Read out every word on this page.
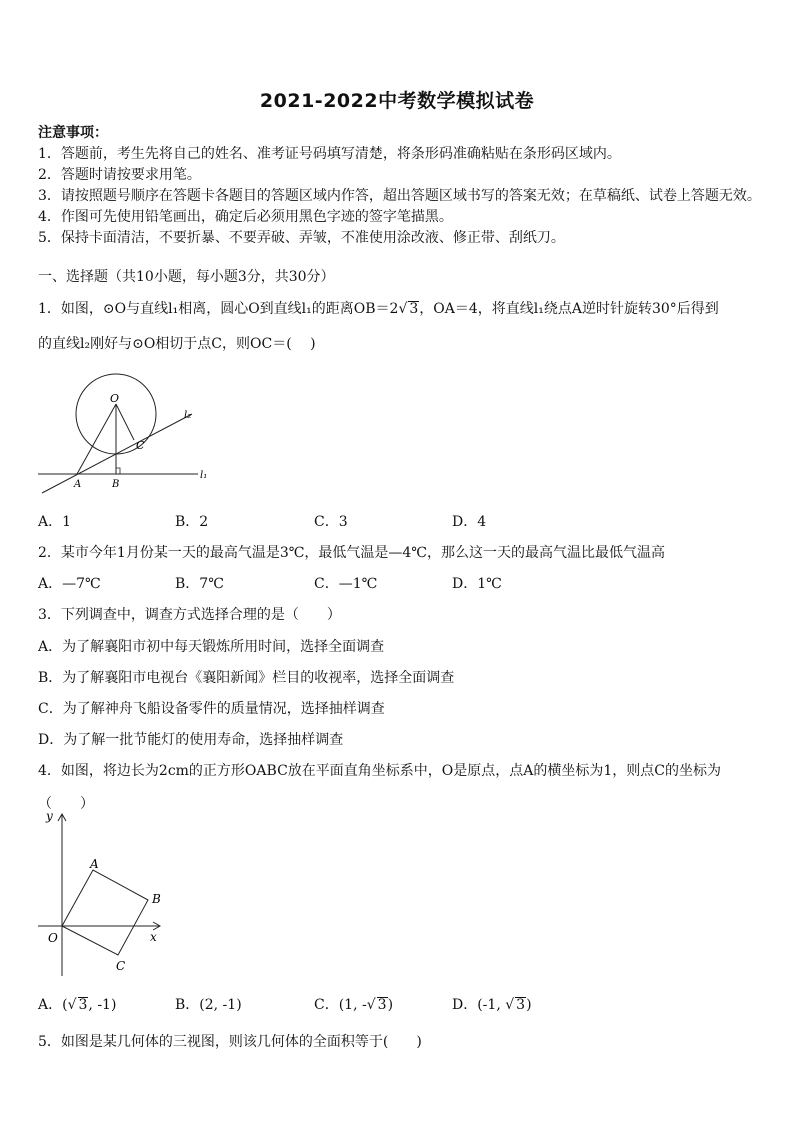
2021-2022中考数学模拟试卷
注意事项：
1．答题前，考生先将自己的姓名、准考证号码填写清楚，将条形码准确粘贴在条形码区域内。
2．答题时请按要求用笔。
3．请按照题号顺序在答题卡各题目的答题区域内作答，超出答题区域书写的答案无效；在草稿纸、试卷上答题无效。
4．作图可先使用铅笔画出，确定后必须用黑色字迹的签字笔描黑。
5．保持卡面清洁，不要折暴、不要弄破、弄皱，不准使用涂改液、修正带、刮纸刀。
一、选择题（共10小题，每小题3分，共30分）
1．如图，⊙O与直线l₁相离，圆心O到直线l₁的距离OB＝2√ 3，OA＝4，将直线l₁绕点A逆时针旋转30°后得到
的直线l₂刚好与⊙O相切于点C，则OC＝(　 )
O
C
A	B
l₁
l₂
A．1	B．2	C．3	D．4
2．某市今年1月份某一天的最高气温是3℃，最低气温是—4℃，那么这一天的最高气温比最低气温高
A．—7℃	B．7℃	C．—1℃	D．1℃
3．下列调查中，调查方式选择合理的是（　　）
A．为了解襄阳市初中每天锻炼所用时间，选择全面调查
B．为了解襄阳市电视台《襄阳新闻》栏目的收视率，选择全面调查
C．为了解神舟飞船设备零件的质量情况，选择抽样调查
D．为了解一批节能灯的使用寿命，选择抽样调查
4．如图，将边长为2cm的正方形OABC放在平面直角坐标系中，O是原点，点A的横坐标为1，则点C的坐标为
（　　）
y
x
O
A
B
C
A．(√ 3, -1)	B．(2, -1)	C．(1, -√ 3)	D．(-1, √ 3)
5．如图是某几何体的三视图，则该几何体的全面积等于(　　)
